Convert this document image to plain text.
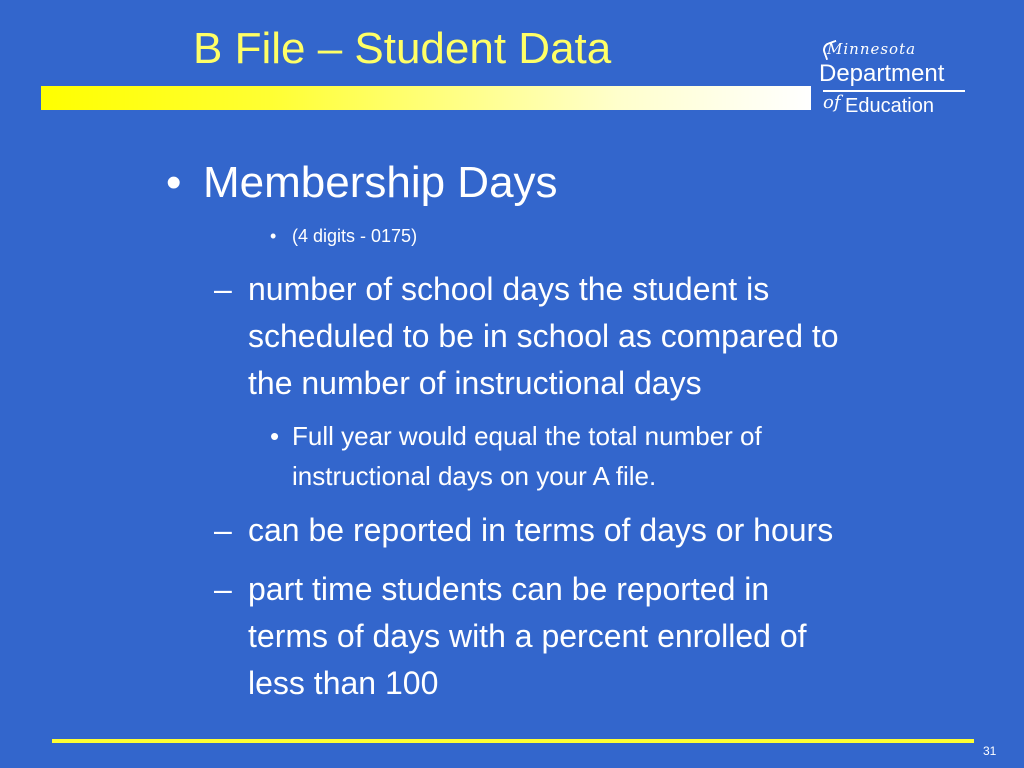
B File – Student Data	Minnesota
Department
of Education
• Membership Days
• (4 digits - 0175)
– number of school days the student is
scheduled to be in school as compared to
the number of instructional days
• Full year would equal the total number of
instructional days on your A file.
– can be reported in terms of days or hours
– part time students can be reported in
terms of days with a percent enrolled of
less than 100
31
